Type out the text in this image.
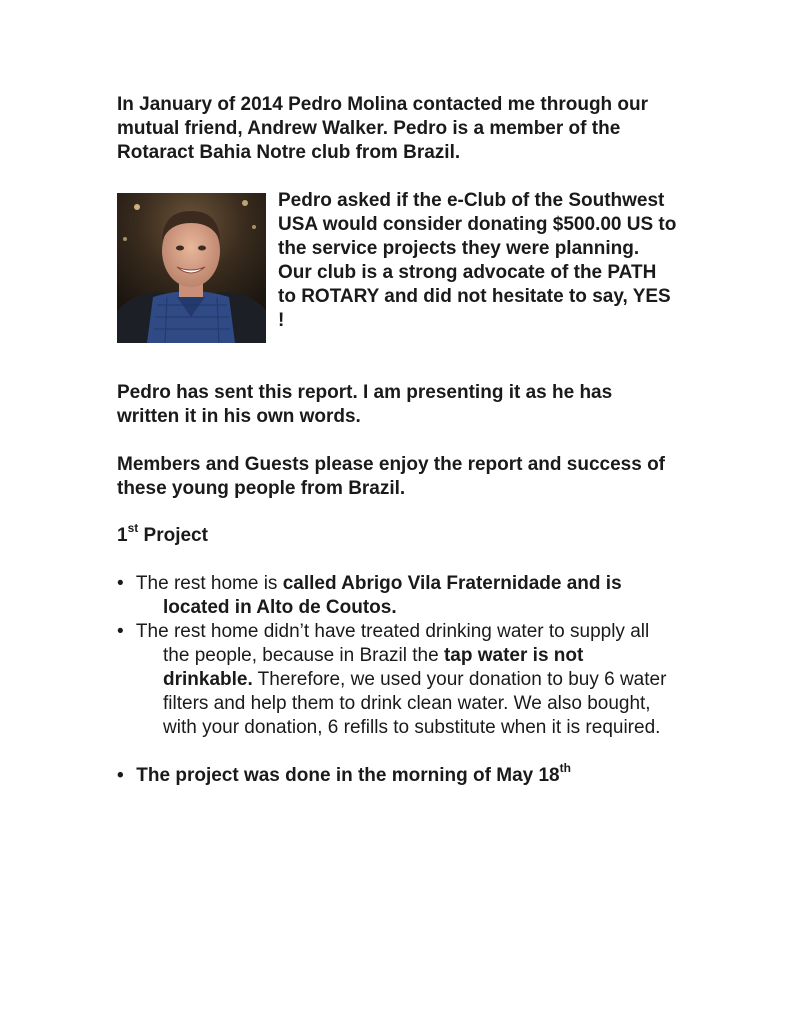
In January of 2014 Pedro Molina contacted me through our mutual friend, Andrew Walker. Pedro is a member of the Rotaract Bahia Notre club from Brazil.

Pedro asked if the e-Club of the Southwest USA would consider donating $500.00 US to the service projects they were planning. Our club is a strong advocate of the PATH to ROTARY and did not hesitate to say, YES !

Pedro has sent this report. I am presenting it as he has written it in his own words.

Members and Guests please enjoy the report and success of these young people from Brazil.

1st Project

• The rest home is called Abrigo Vila Fraternidade and is located in Alto de Coutos.
• The rest home didn’t have treated drinking water to supply all the people, because in Brazil the tap water is not drinkable. Therefore, we used your donation to buy 6 water filters and help them to drink clean water. We also bought, with your donation, 6 refills to substitute when it is required.
• The project was done in the morning of May 18th
